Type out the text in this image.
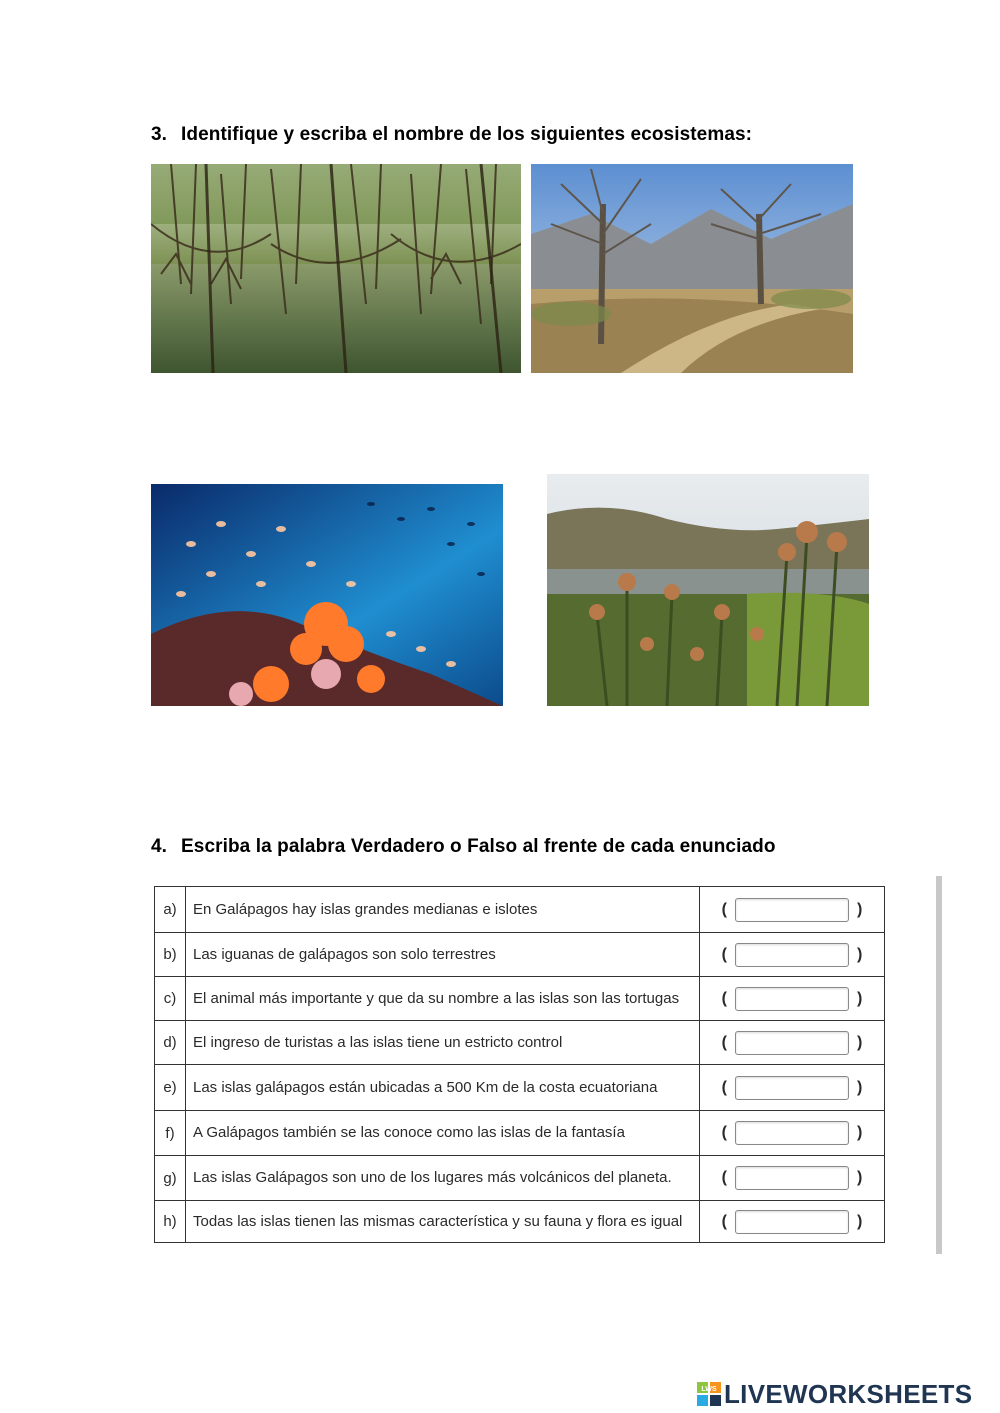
3. Identifique y escriba el nombre de los siguientes ecosistemas:
4. Escriba la palabra Verdadero o Falso al frente de cada enunciado
a)	En Galápagos hay islas grandes medianas e islotes	( )

b)	Las iguanas de galápagos son solo terrestres	( )

c)	El animal más importante y que da su nombre a las islas son las tortugas	( )

d)	El ingreso de turistas a las islas tiene un estricto control	( )

e)	Las islas galápagos están ubicadas a 500 Km de la costa ecuatoriana	( )

f)	A Galápagos también se las conoce como las islas de la fantasía	( )

g)	Las islas Galápagos son uno de los lugares más volcánicos del planeta.	( )

h)	Todas las islas tienen las mismas característica y su fauna y flora es igual	( )
LWS LIVEWORKSHEETS
